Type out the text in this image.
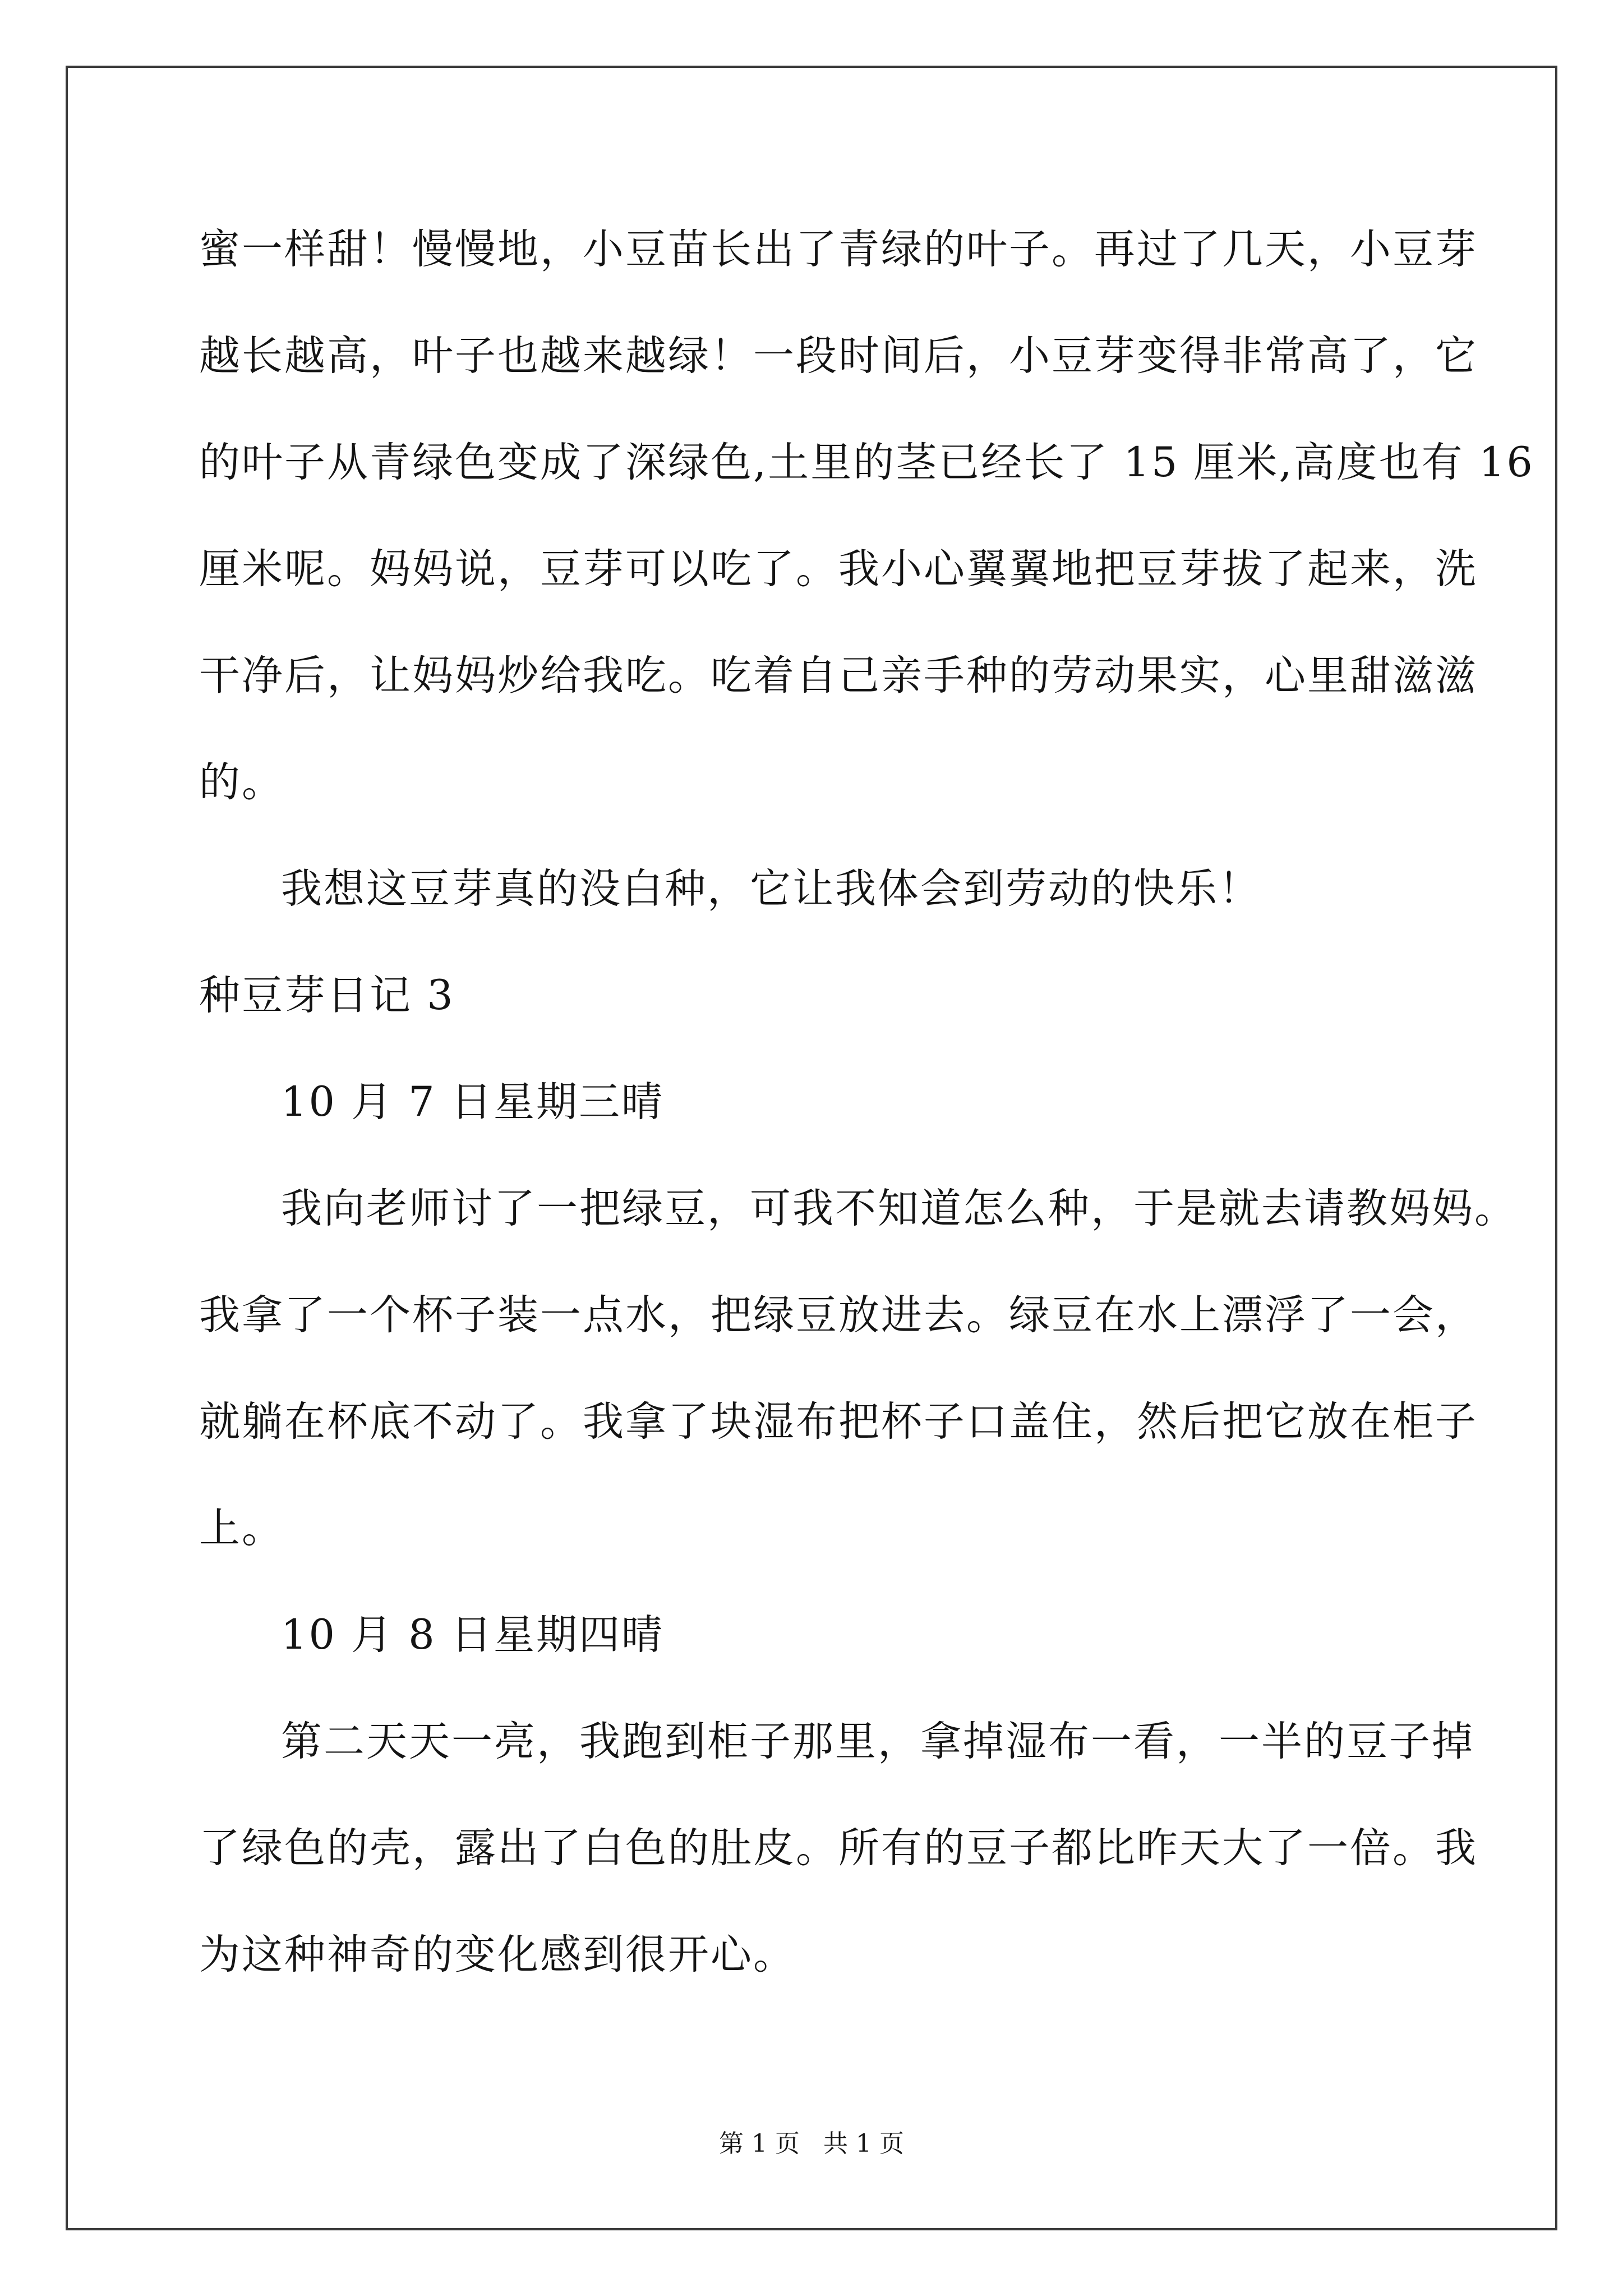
蜜一样甜！慢慢地，小豆苗长出了青绿的叶子。再过了几天，小豆芽
越长越高，叶子也越来越绿！一段时间后，小豆芽变得非常高了，它
的叶子从青绿色变成了深绿色,土里的茎已经长了 15 厘米,高度也有 16
厘米呢。妈妈说，豆芽可以吃了。我小心翼翼地把豆芽拔了起来，洗
干净后，让妈妈炒给我吃。吃着自己亲手种的劳动果实，心里甜滋滋
的。
我想这豆芽真的没白种，它让我体会到劳动的快乐！
种豆芽日记 3
10 月 7 日星期三晴
我向老师讨了一把绿豆，可我不知道怎么种，于是就去请教妈妈。
我拿了一个杯子装一点水，把绿豆放进去。绿豆在水上漂浮了一会，
就躺在杯底不动了。我拿了块湿布把杯子口盖住，然后把它放在柜子
上。
10 月 8 日星期四晴
第二天天一亮，我跑到柜子那里，拿掉湿布一看，一半的豆子掉
了绿色的壳，露出了白色的肚皮。所有的豆子都比昨天大了一倍。我
为这种神奇的变化感到很开心。
第 1 页 共 1 页
